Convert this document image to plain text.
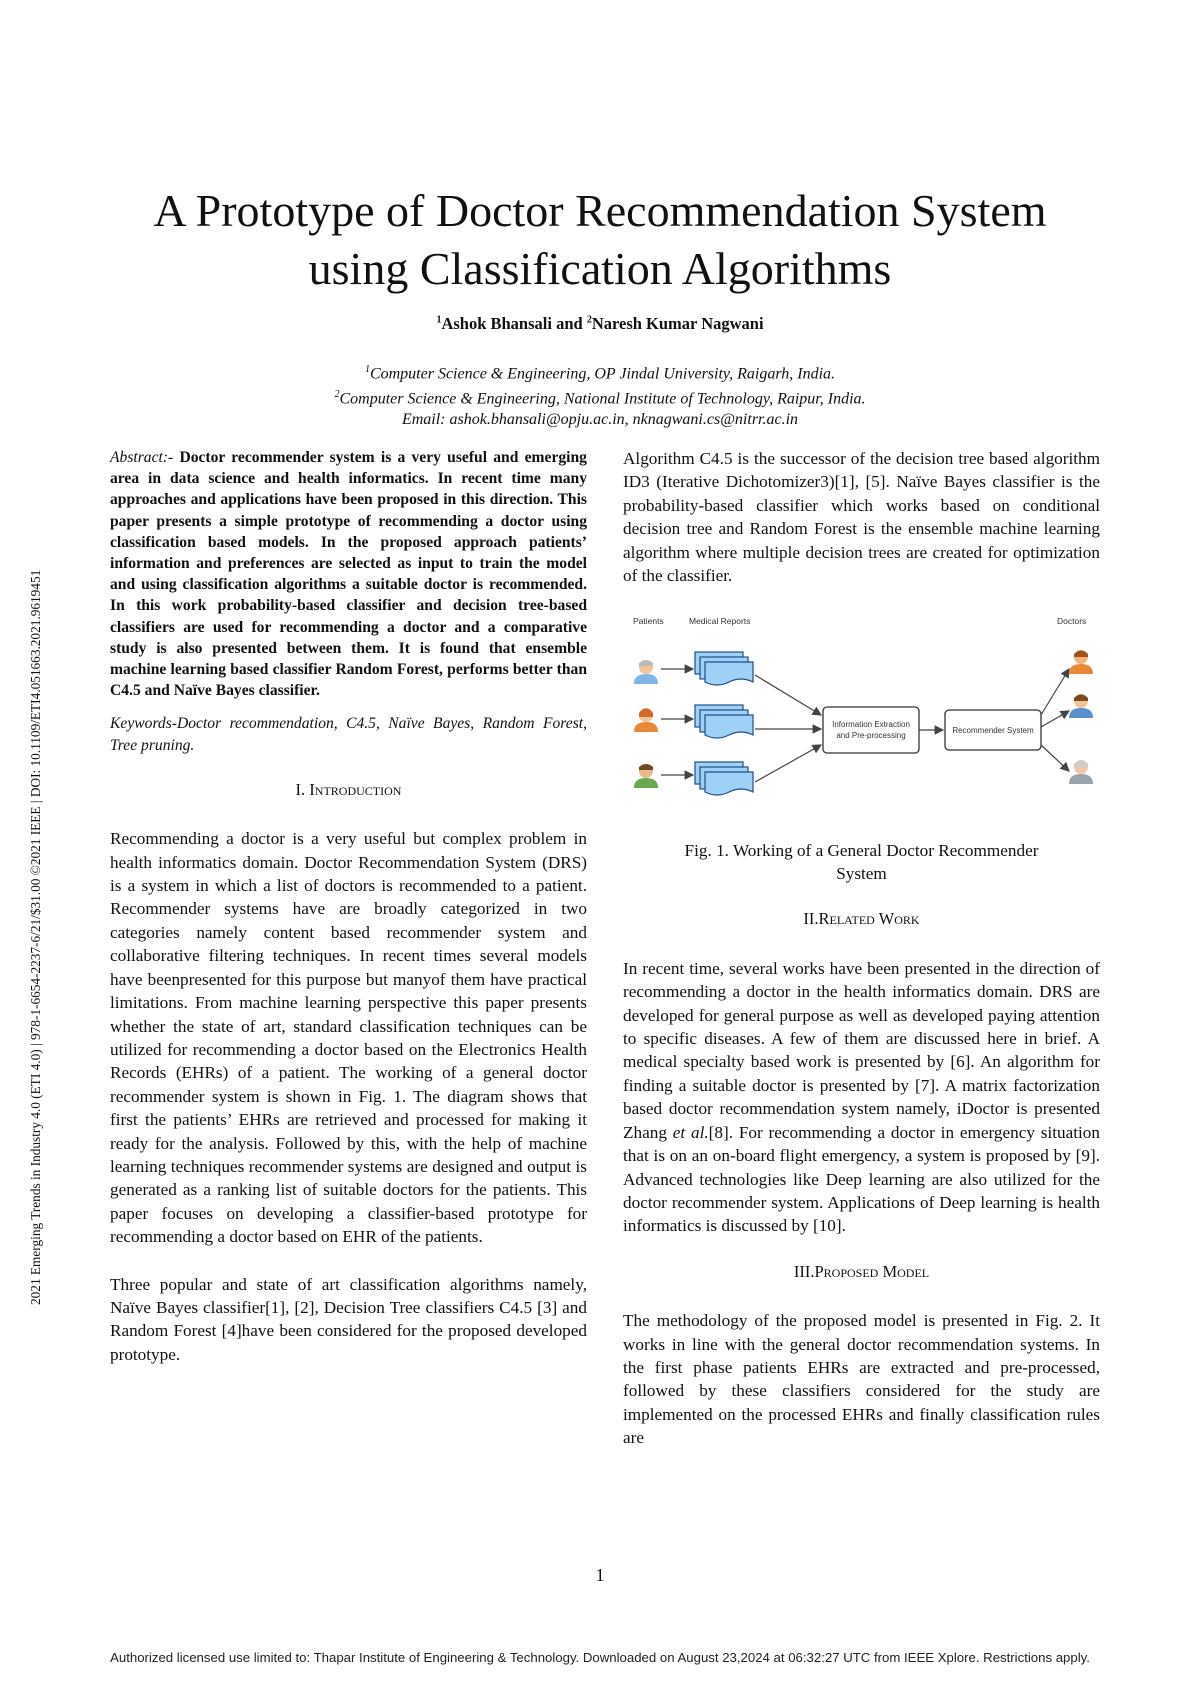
2021 Emerging Trends in Industry 4.0 (ETI 4.0) | 978-1-6654-2237-6/21/$31.00 ©2021 IEEE | DOI: 10.1109/ETI4.051663.2021.9619451
A Prototype of Doctor Recommendation System
using Classification Algorithms
$^1$Ashok Bhansali and $^2$Naresh Kumar Nagwani
$^1$Computer Science & Engineering, OP Jindal University, Raigarh, India.
$^2$Computer Science & Engineering, National Institute of Technology, Raipur, India.
Email: ashok.bhansali@opju.ac.in, nknagwani.cs@nitrr.ac.in

Abstract:- Doctor recommender system is a very useful and emerging area in data science and health informatics. In recent time many approaches and applications have been proposed in this direction. This paper presents a simple prototype of recommending a doctor using classification based models. In the proposed approach patients’ information and preferences are selected as input to train the model and using classification algorithms a suitable doctor is recommended. In this work probability-based classifier and decision tree-based classifiers are used for recommending a doctor and a comparative study is also presented between them. It is found that ensemble machine learning based classifier Random Forest, performs better than C4.5 and Naïve Bayes classifier.

Keywords-Doctor recommendation, C4.5, Naïve Bayes, Random Forest, Tree pruning.

I. Introduction

Recommending a doctor is a very useful but complex problem in health informatics domain. Doctor Recommendation System (DRS) is a system in which a list of doctors is recommended to a patient. Recommender systems have are broadly categorized in two categories namely content based recommender system and collaborative filtering techniques. In recent times several models have beenpresented for this purpose but manyof them have practical limitations. From machine learning perspective this paper presents whether the state of art, standard classification techniques can be utilized for recommending a doctor based on the Electronics Health Records (EHRs) of a patient. The working of a general doctor recommender system is shown in Fig. 1. The diagram shows that first the patients’ EHRs are retrieved and processed for making it ready for the analysis. Followed by this, with the help of machine learning techniques recommender systems are designed and output is generated as a ranking list of suitable doctors for the patients. This paper focuses on developing a classifier-based prototype for recommending a doctor based on EHR of the patients.

Three popular and state of art classification algorithms namely, Naïve Bayes classifier[1], [2], Decision Tree classifiers C4.5 [3] and Random Forest [4]have been considered for the proposed developed prototype.

Algorithm C4.5 is the successor of the decision tree based algorithm ID3 (Iterative Dichotomizer3)[1], [5]. Naïve Bayes classifier is the probability-based classifier which works based on conditional decision tree and Random Forest is the ensemble machine learning algorithm where multiple decision trees are created for optimization of the classifier.

Patients	Medical Reports	Doctors
Information Extraction
and Pre-processing
Recommender System
Fig. 1. Working of a General Doctor Recommender
System
II.Related Work

In recent time, several works have been presented in the direction of recommending a doctor in the health informatics domain. DRS are developed for general purpose as well as developed paying attention to specific diseases. A few of them are discussed here in brief. A medical specialty based work is presented by [6]. An algorithm for finding a suitable doctor is presented by [7]. A matrix factorization based doctor recommendation system namely, iDoctor is presented Zhang et al.[8]. For recommending a doctor in emergency situation that is on an on-board flight emergency, a system is proposed by [9]. Advanced technologies like Deep learning are also utilized for the doctor recommender system. Applications of Deep learning is health informatics is discussed by [10].

III.Proposed Model

The methodology of the proposed model is presented in Fig. 2. It works in line with the general doctor recommendation systems. In the first phase patients EHRs are extracted and pre-processed, followed by these classifiers considered for the study are implemented on the processed EHRs and finally classification rules are

1
Authorized licensed use limited to: Thapar Institute of Engineering & Technology. Downloaded on August 23,2024 at 06:32:27 UTC from IEEE Xplore. Restrictions apply.
